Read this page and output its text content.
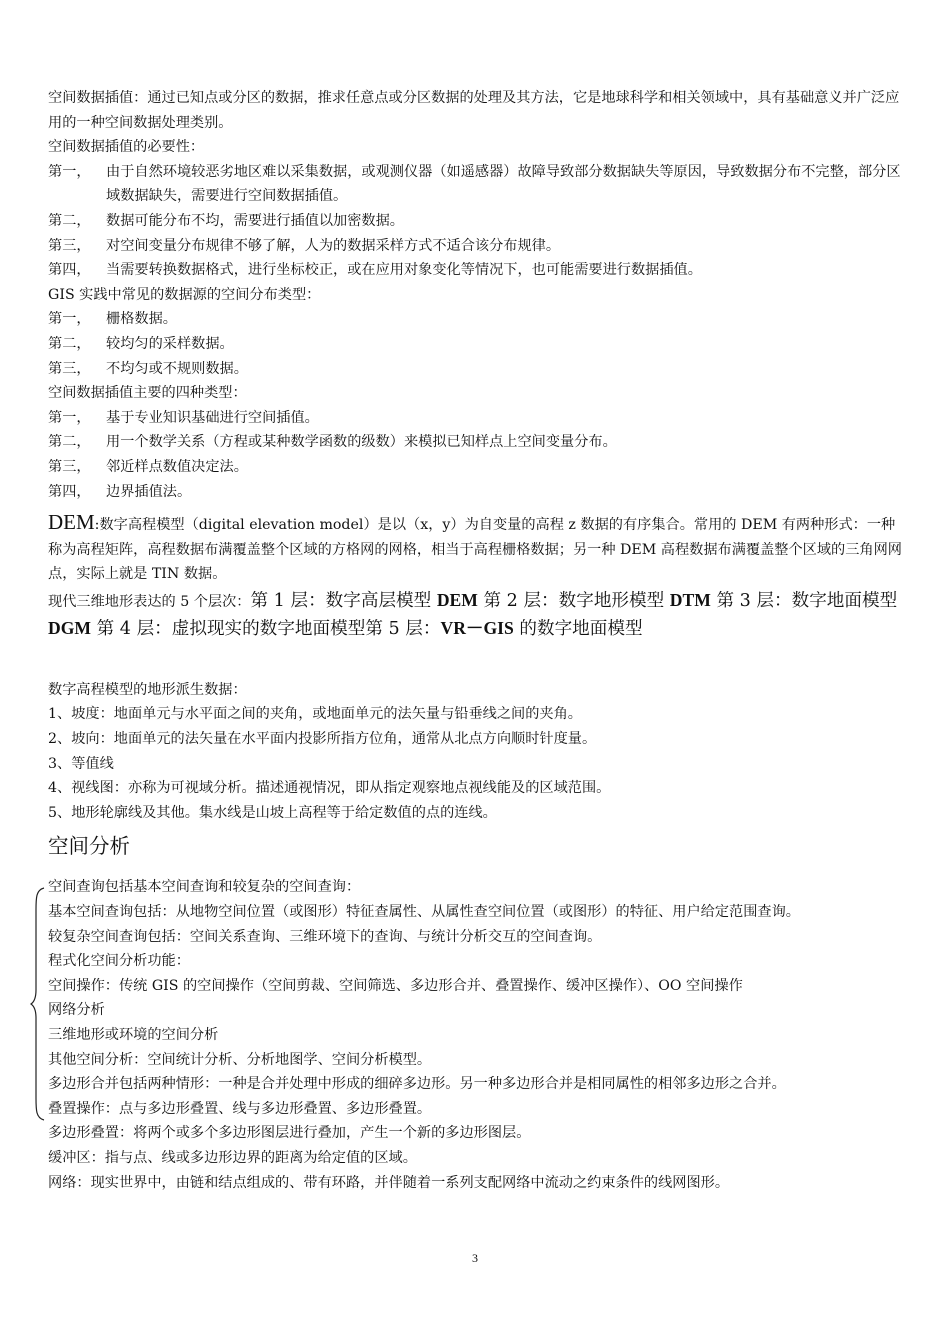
空间数据插值：通过已知点或分区的数据，推求任意点或分区数据的处理及其方法，它是地球科学和相关领域中，具有基础意义并广泛应用的一种空间数据处理类别。

空间数据插值的必要性：

第一，	由于自然环境较恶劣地区难以采集数据，或观测仪器（如遥感器）故障导致部分数据缺失等原因，导致数据分布不完整，部分区域数据缺失，需要进行空间数据插值。
第二，	数据可能分布不均，需要进行插值以加密数据。
第三，	对空间变量分布规律不够了解，人为的数据采样方式不适合该分布规律。
第四，	当需要转换数据格式，进行坐标校正，或在应用对象变化等情况下，也可能需要进行数据插值。

GIS 实践中常见的数据源的空间分布类型：

第一，	栅格数据。
第二，	较均匀的采样数据。
第三，	不均匀或不规则数据。

空间数据插值主要的四种类型：

第一，	基于专业知识基础进行空间插值。
第二，	用一个数学关系（方程或某种数学函数的级数）来模拟已知样点上空间变量分布。
第三，	邻近样点数值决定法。
第四，	边界插值法。

DEM:数字高程模型（digital elevation model）是以（x，y）为自变量的高程 z 数据的有序集合。常用的 DEM 有两种形式：一种称为高程矩阵，高程数据布满覆盖整个区域的方格网的网格，相当于高程栅格数据；另一种 DEM 高程数据布满覆盖整个区域的三角网网点，实际上就是 TIN 数据。

现代三维地形表达的 5 个层次：第 1 层：数字高层模型 DEM 第 2 层：数字地形模型 DTM 第 3 层：数字地面模型 DGM 第 4 层：虚拟现实的数字地面模型第 5 层：VR－GIS 的数字地面模型

数字高程模型的地形派生数据：

1、坡度：地面单元与水平面之间的夹角，或地面单元的法矢量与铅垂线之间的夹角。

2、坡向：地面单元的法矢量在水平面内投影所指方位角，通常从北点方向顺时针度量。

3、等值线

4、视线图：亦称为可视域分析。描述通视情况，即从指定观察地点视线能及的区域范围。

5、地形轮廓线及其他。集水线是山坡上高程等于给定数值的点的连线。

空间分析

空间查询包括基本空间查询和较复杂的空间查询：

基本空间查询包括：从地物空间位置（或图形）特征查属性、从属性查空间位置（或图形）的特征、用户给定范围查询。

较复杂空间查询包括：空间关系查询、三维环境下的查询、与统计分析交互的空间查询。

程式化空间分析功能：

空间操作：传统 GIS 的空间操作（空间剪裁、空间筛选、多边形合并、叠置操作、缓冲区操作）、OO 空间操作

网络分析

三维地形或环境的空间分析

其他空间分析：空间统计分析、分析地图学、空间分析模型。

多边形合并包括两种情形：一种是合并处理中形成的细碎多边形。另一种多边形合并是相同属性的相邻多边形之合并。

叠置操作：点与多边形叠置、线与多边形叠置、多边形叠置。

多边形叠置：将两个或多个多边形图层进行叠加，产生一个新的多边形图层。

缓冲区：指与点、线或多边形边界的距离为给定值的区域。

网络：现实世界中，由链和结点组成的、带有环路，并伴随着一系列支配网络中流动之约束条件的线网图形。

3
